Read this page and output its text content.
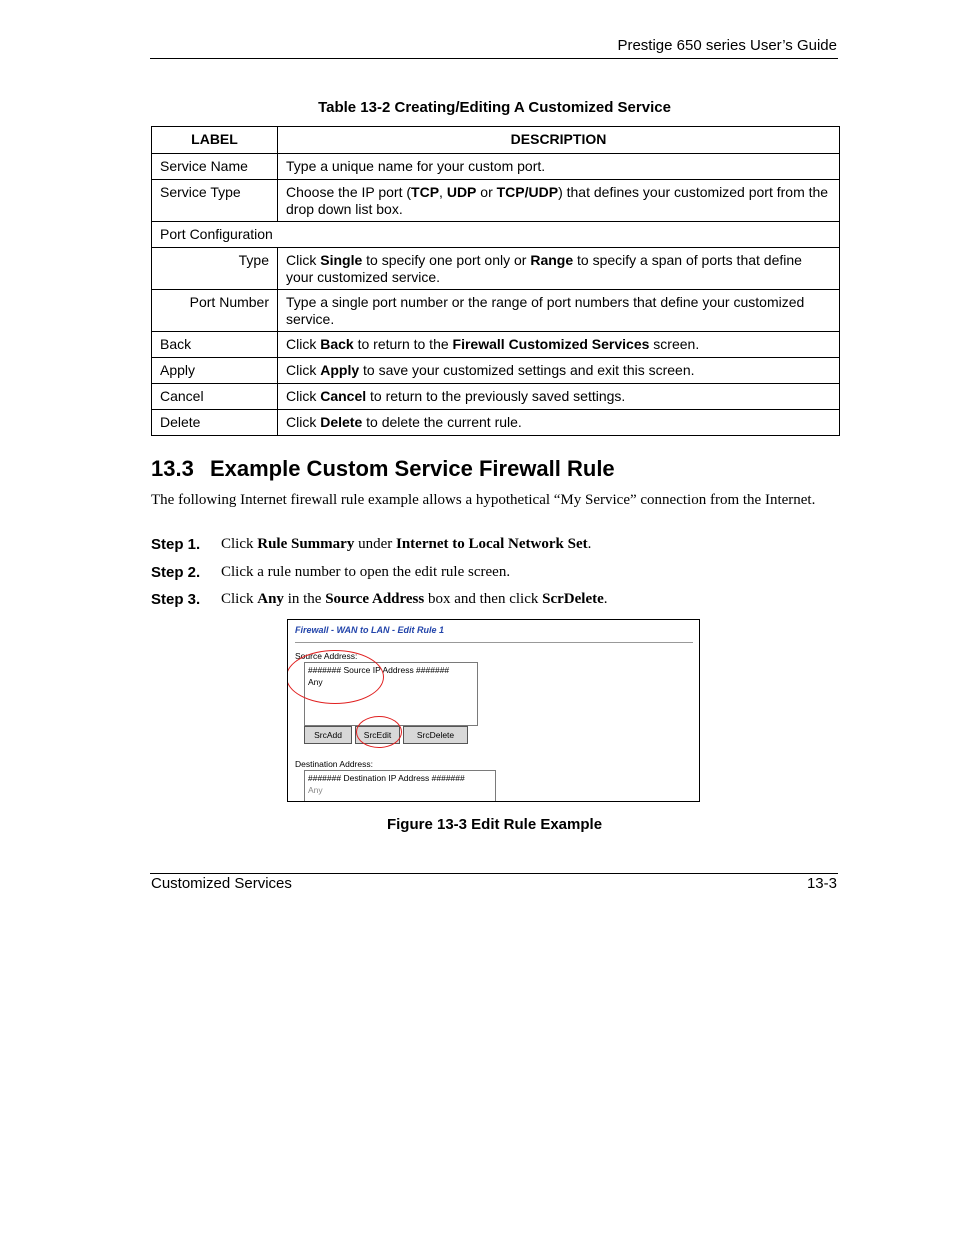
Prestige 650 series User’s Guide
Table 13-2 Creating/Editing A Customized Service
LABEL	DESCRIPTION
Service Name	Type a unique name for your custom port.
Service Type	Choose the IP port (TCP, UDP or TCP/UDP) that defines your customized port from the drop down list box.
Port Configuration	
Type	Click Single to specify one port only or Range to specify a span of ports that define your customized service.
Port Number	Type a single port number or the range of port numbers that define your customized service.
Back	Click Back to return to the Firewall Customized Services screen.
Apply	Click Apply to save your customized settings and exit this screen.
Cancel	Click Cancel to return to the previously saved settings.
Delete	Click Delete to delete the current rule.
13.3 Example Custom Service Firewall Rule
The following Internet firewall rule example allows a hypothetical “My Service” connection from the Internet.
Step 1. Click Rule Summary under Internet to Local Network Set.
Step 2. Click a rule number to open the edit rule screen.
Step 3. Click Any in the Source Address box and then click ScrDelete.
Firewall - WAN to LAN - Edit Rule 1
Source Address:
####### Source IP Address #######
Any
SrcAdd	SrcEdit	SrcDelete
Destination Address:
####### Destination IP Address #######
Any
Figure 13-3 Edit Rule Example
Customized Services	13-3
